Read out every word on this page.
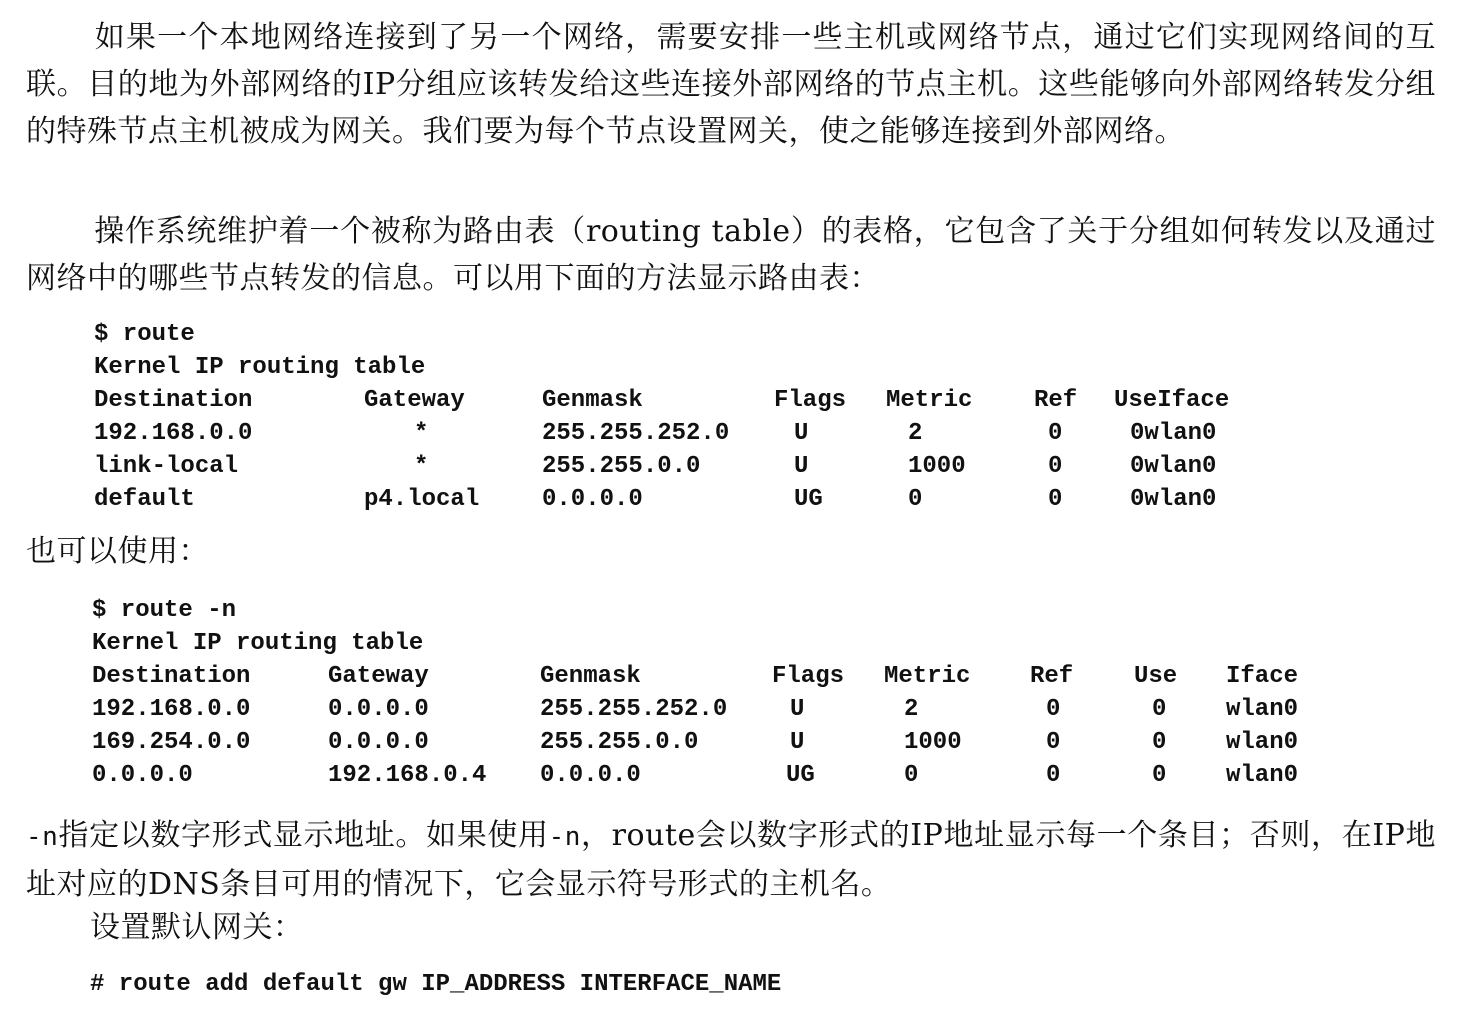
如果一个本地网络连接到了另一个网络，需要安排一些主机或网络节点，通过它们实现网络间的互联。目的地为外部网络的IP分组应该转发给这些连接外部网络的节点主机。这些能够向外部网络转发分组的特殊节点主机被成为网关。我们要为每个节点设置网关，使之能够连接到外部网络。

操作系统维护着一个被称为路由表（routing table）的表格，它包含了关于分组如何转发以及通过网络中的哪些节点转发的信息。可以用下面的方法显示路由表：

$ route
Kernel IP routing table
Destination	Gateway	Genmask	Flags Metric	Ref UseIface
192.168.0.0	*	255.255.252.0	U	2	0	0wlan0
link-local	*	255.255.0.0	U	1000	0	0wlan0
default	p4.local	0.0.0.0	UG	0	0	0wlan0

也可以使用：

$ route -n
Kernel IP routing table
Destination	Gateway	Genmask	Flags Metric Ref	Use Iface
192.168.0.0	0.0.0.0	255.255.252.0	U	2	0	0 wlan0
169.254.0.0	0.0.0.0	255.255.0.0	U	1000	0	0 wlan0
0.0.0.0	192.168.0.4 0.0.0.0	UG	0	0	0 wlan0

-n指定以数字形式显示地址。如果使用-n，route会以数字形式的IP地址显示每一个条目；否则，在IP地址对应的DNS条目可用的情况下，它会显示符号形式的主机名。

设置默认网关：

# route add default gw IP_ADDRESS INTERFACE_NAME
